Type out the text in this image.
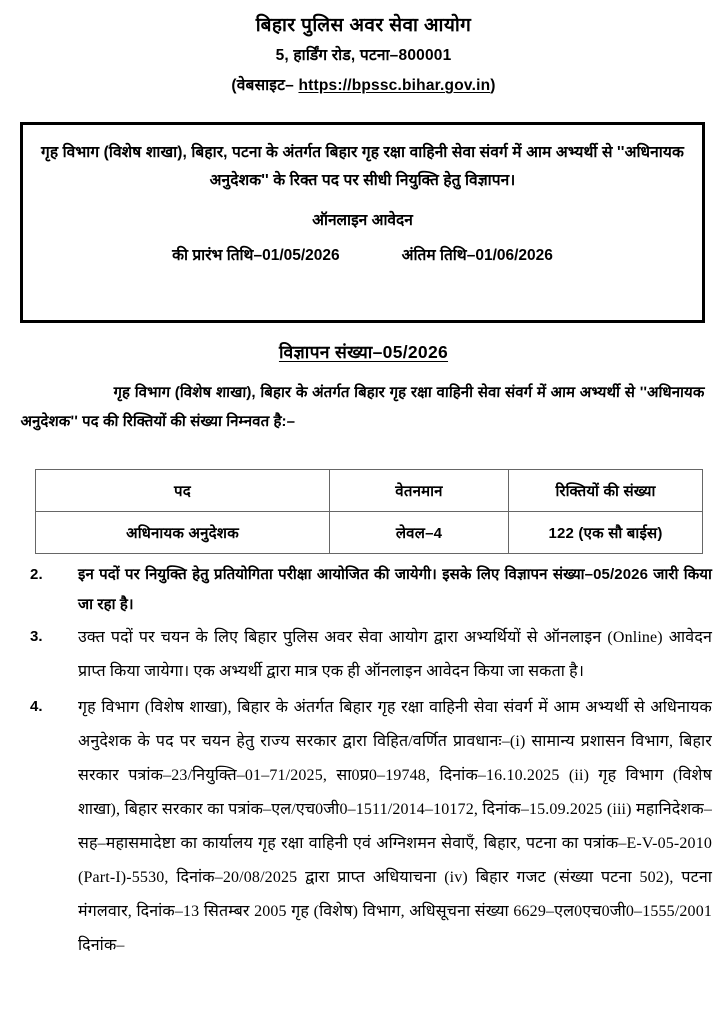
बिहार पुलिस अवर सेवा आयोग
5, हार्डिंग रोड, पटना–800001
(वेबसाइट– https://bpssc.bihar.gov.in)
गृह विभाग (विशेष शाखा), बिहार, पटना के अंतर्गत बिहार गृह रक्षा वाहिनी सेवा संवर्ग में आम अभ्यर्थी से ''अधिनायक अनुदेशक'' के रिक्त पद पर सीधी नियुक्ति हेतु विज्ञापन।
ऑनलाइन आवेदन
की प्रारंभ तिथि–01/05/2026	अंतिम तिथि–01/06/2026
विज्ञापन संख्या–05/2026
गृह विभाग (विशेष शाखा), बिहार के अंतर्गत बिहार गृह रक्षा वाहिनी सेवा संवर्ग में आम अभ्यर्थी से ''अधिनायक अनुदेशक'' पद की रिक्तियों की संख्या निम्नवत है:–
पद	वेतनमान	रिक्तियों की संख्या
अधिनायक अनुदेशक	लेवल–4	122 (एक सौ बाईस)
2.	इन पदों पर नियुक्ति हेतु प्रतियोगिता परीक्षा आयोजित की जायेगी। इसके लिए विज्ञापन संख्या–05/2026 जारी किया जा रहा है।
3.	उक्त पदों पर चयन के लिए बिहार पुलिस अवर सेवा आयोग द्वारा अभ्यर्थियों से ऑनलाइन (Online) आवेदन प्राप्त किया जायेगा। एक अभ्यर्थी द्वारा मात्र एक ही ऑनलाइन आवेदन किया जा सकता है।
4.	गृह विभाग (विशेष शाखा), बिहार के अंतर्गत बिहार गृह रक्षा वाहिनी सेवा संवर्ग में आम अभ्यर्थी से अधिनायक अनुदेशक के पद पर चयन हेतु राज्य सरकार द्वारा विहित/वर्णित प्रावधानः–(i) सामान्य प्रशासन विभाग, बिहार सरकार पत्रांक–23/नियुक्ति–01–71/2025, सा0प्र0–19748, दिनांक–16.10.2025 (ii) गृह विभाग (विशेष शाखा), बिहार सरकार का पत्रांक–एल/एच0जी0–1511/2014–10172, दिनांक–15.09.2025 (iii) महानिदेशक–सह–महासमादेष्टा का कार्यालय गृह रक्षा वाहिनी एवं अग्निशमन सेवाएँ, बिहार, पटना का पत्रांक–E-V-05-2010 (Part-I)-5530, दिनांक–20/08/2025 द्वारा प्राप्त अधियाचना (iv) बिहार गजट (संख्या पटना 502), पटना मंगलवार, दिनांक–13 सितम्बर 2005 गृह (विशेष) विभाग, अधिसूचना संख्या 6629–एल0एच0जी0–1555/2001 दिनांक–
